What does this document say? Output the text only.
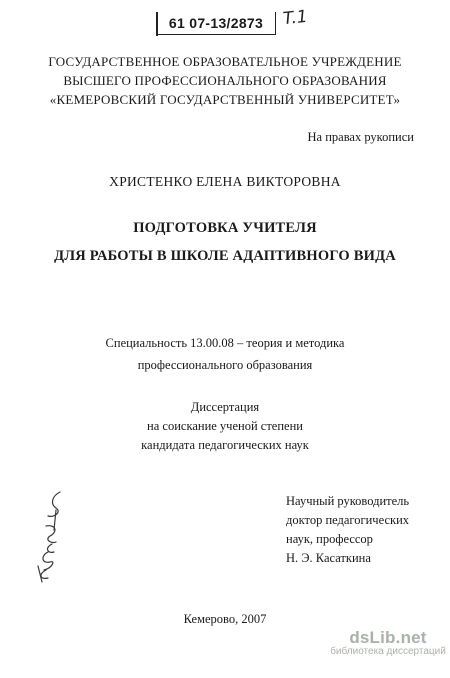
61 07-13/2873	T.1
ГОСУДАРСТВЕННОЕ ОБРАЗОВАТЕЛЬНОЕ УЧРЕЖДЕНИЕ
ВЫСШЕГО ПРОФЕССИОНАЛЬНОГО ОБРАЗОВАНИЯ
«КЕМЕРОВСКИЙ ГОСУДАРСТВЕННЫЙ УНИВЕРСИТЕТ»
На правах рукописи
ХРИСТЕНКО ЕЛЕНА ВИКТОРОВНА
ПОДГОТОВКА УЧИТЕЛЯ
ДЛЯ РАБОТЫ В ШКОЛЕ АДАПТИВНОГО ВИДА
Специальность 13.00.08 – теория и методика
профессионального образования
Диссертация
на соискание ученой степени
кандидата педагогических наук
Научный руководитель
доктор педагогических
наук, профессор
Н. Э. Касаткина
Кемерово, 2007
dsLib.net
библиотека диссертаций
